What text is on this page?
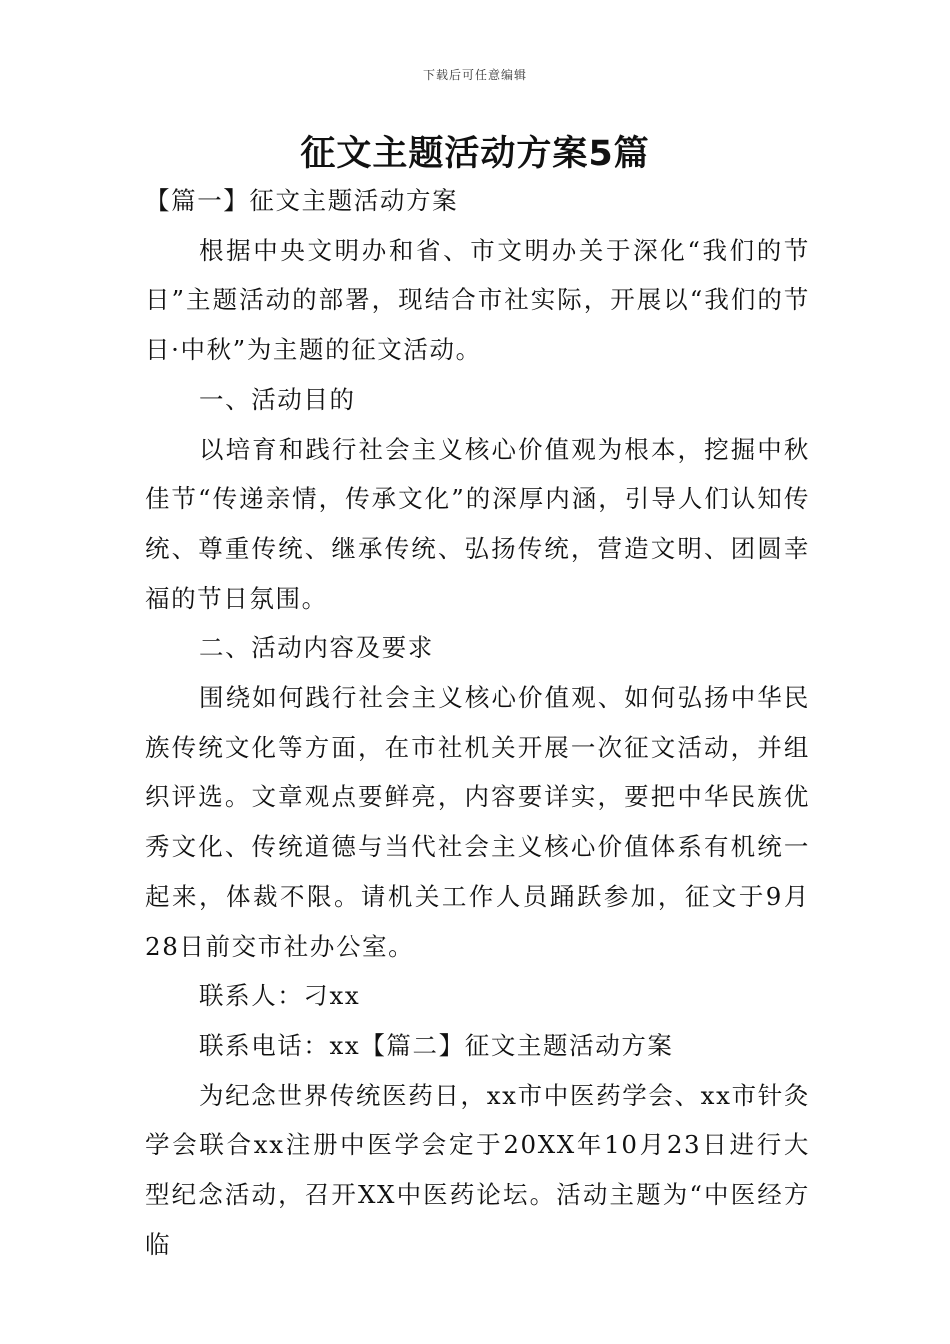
下载后可任意编辑
征文主题活动方案5篇

【篇一】征文主题活动方案

根据中央文明办和省、市文明办关于深化“我们的节日”主题活动的部署，现结合市社实际，开展以“我们的节日·中秋”为主题的征文活动。

一、活动目的

以培育和践行社会主义核心价值观为根本，挖掘中秋佳节“传递亲情，传承文化”的深厚内涵，引导人们认知传统、尊重传统、继承传统、弘扬传统，营造文明、团圆幸福的节日氛围。

二、活动内容及要求

围绕如何践行社会主义核心价值观、如何弘扬中华民族传统文化等方面，在市社机关开展一次征文活动，并组织评选。文章观点要鲜亮，内容要详实，要把中华民族优秀文化、传统道德与当代社会主义核心价值体系有机统一起来，体裁不限。请机关工作人员踊跃参加，征文于9月28日前交市社办公室。

联系人：刁xx

联系电话：xx【篇二】征文主题活动方案

为纪念世界传统医药日，xx市中医药学会、xx市针灸学会联合xx注册中医学会定于20XX年10月23日进行大型纪念活动，召开XX中医药论坛。活动主题为“中医经方临
